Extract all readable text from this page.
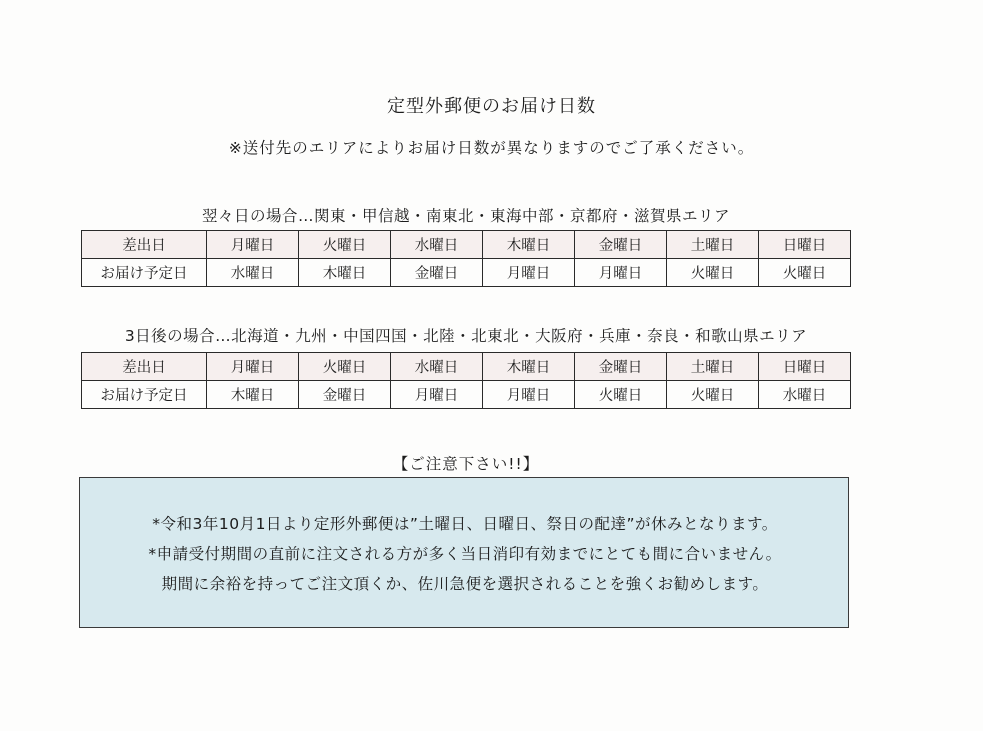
定型外郵便のお届け日数
※送付先のエリアによりお届け日数が異なりますのでご了承ください。
翌々日の場合…関東・甲信越・南東北・東海中部・京都府・滋賀県エリア
差出日	月曜日	火曜日	水曜日	木曜日	金曜日	土曜日	日曜日
お届け予定日	水曜日	木曜日	金曜日	月曜日	月曜日	火曜日	火曜日
3日後の場合…北海道・九州・中国四国・北陸・北東北・大阪府・兵庫・奈良・和歌山県エリア
差出日	月曜日	火曜日	水曜日	木曜日	金曜日	土曜日	日曜日
お届け予定日	木曜日	金曜日	月曜日	月曜日	火曜日	火曜日	水曜日
【ご注意下さい!!】
*令和3年10月1日より定形外郵便は”土曜日、日曜日、祭日の配達”が休みとなります。
*申請受付期間の直前に注文される方が多く当日消印有効までにとても間に合いません。
期間に余裕を持ってご注文頂くか、佐川急便を選択されることを強くお勧めします。
